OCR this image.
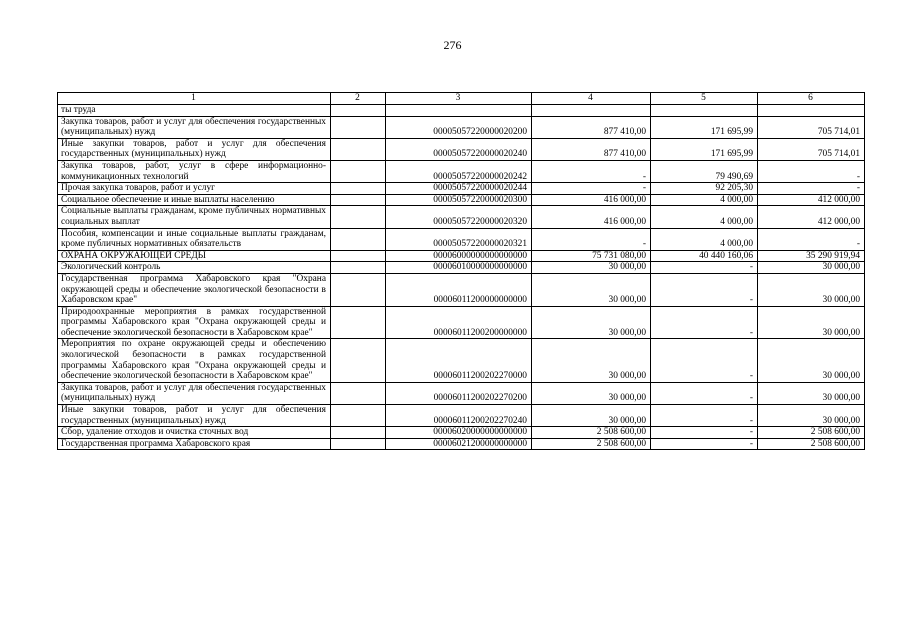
276
1	2	3	4	5	6
ты труда					
Закупка товаров, работ и услуг для обеспечения государственных (муниципальных) нужд		00005057220000020200	877 410,00	171 695,99	705 714,01
Иные закупки товаров, работ и услуг для обеспечения государственных (муниципальных) нужд		00005057220000020240	877 410,00	171 695,99	705 714,01
Закупка товаров, работ, услуг в сфере информационно-коммуникационных технологий		00005057220000020242	-	79 490,69	-
Прочая закупка товаров, работ и услуг		00005057220000020244	-	92 205,30	-
Социальное обеспечение и иные выплаты населению		00005057220000020300	416 000,00	4 000,00	412 000,00
Социальные выплаты гражданам, кроме публичных нормативных социальных выплат		00005057220000020320	416 000,00	4 000,00	412 000,00
Пособия, компенсации и иные социальные выплаты гражданам, кроме публичных нормативных обязательств		00005057220000020321	-	4 000,00	-
ОХРАНА ОКРУЖАЮЩЕЙ СРЕДЫ		00006000000000000000	75 731 080,00	40 440 160,06	35 290 919,94
Экологический контроль		00006010000000000000	30 000,00	-	30 000,00
Государственная программа Хабаровского края "Охрана окружающей среды и обеспечение экологической безопасности в Хабаровском крае"		00006011200000000000	30 000,00	-	30 000,00
Природоохранные мероприятия в рамках государственной программы Хабаровского края "Охрана окружающей среды и обеспечение экологической безопасности в Хабаровском крае"		00006011200200000000	30 000,00	-	30 000,00
Мероприятия по охране окружающей среды и обеспечению экологической безопасности в рамках государственной программы Хабаровского края "Охрана окружающей среды и обеспечение экологической безопасности в Хабаровском крае"		00006011200202270000	30 000,00	-	30 000,00
Закупка товаров, работ и услуг для обеспечения государственных (муниципальных) нужд		00006011200202270200	30 000,00	-	30 000,00
Иные закупки товаров, работ и услуг для обеспечения государственных (муниципальных) нужд		00006011200202270240	30 000,00	-	30 000,00
Сбор, удаление отходов и очистка сточных вод		00006020000000000000	2 508 600,00	-	2 508 600,00
Государственная программа Хабаровского края		00006021200000000000	2 508 600,00	-	2 508 600,00
